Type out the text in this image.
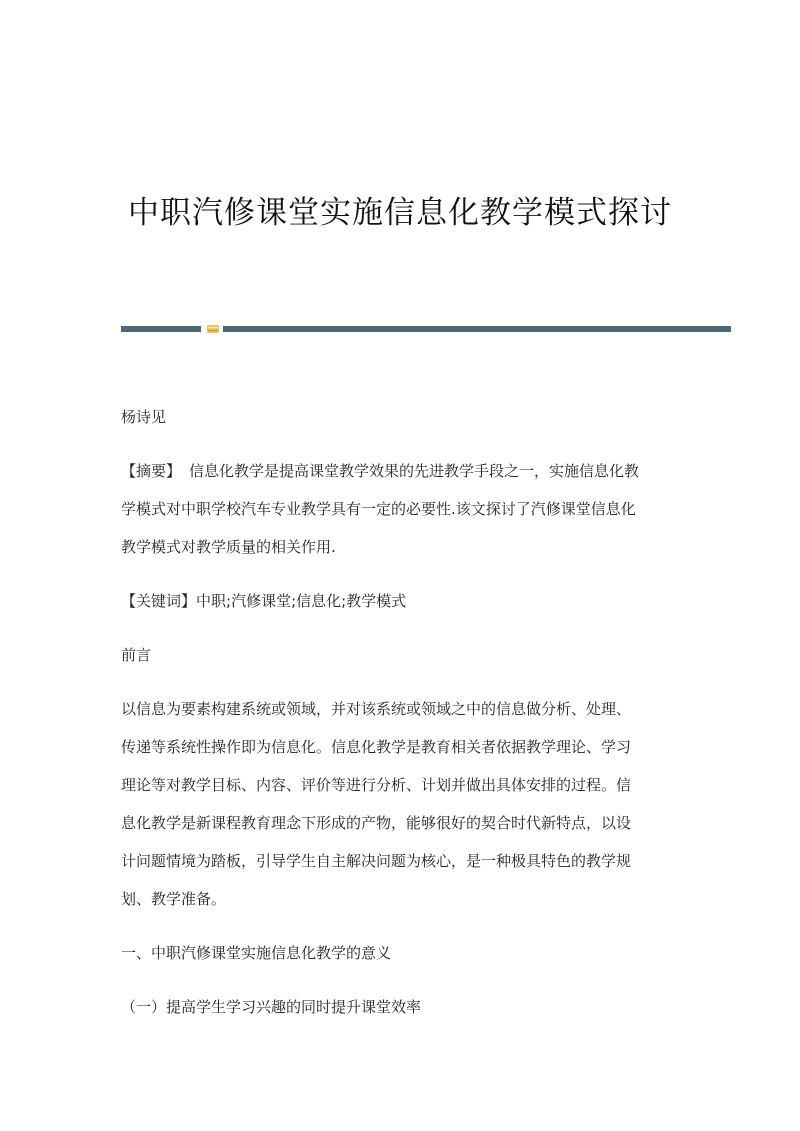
中职汽修课堂实施信息化教学模式探讨
杨诗见
【摘要】 信息化教学是提高课堂教学效果的先进教学手段之一，实施信息化教
学模式对中职学校汽车专业教学具有一定的必要性.该文探讨了汽修课堂信息化
教学模式对教学质量的相关作用.
【关键词】中职;汽修课堂;信息化;教学模式
前言
以信息为要素构建系统或领域，并对该系统或领域之中的信息做分析、处理、
传递等系统性操作即为信息化。信息化教学是教育相关者依据教学理论、学习
理论等对教学目标、内容、评价等进行分析、计划并做出具体安排的过程。信
息化教学是新课程教育理念下形成的产物，能够很好的契合时代新特点，以设
计问题情境为踏板，引导学生自主解决问题为核心，是一种极具特色的教学规
划、教学准备。
一、中职汽修课堂实施信息化教学的意义
（一）提高学生学习兴趣的同时提升课堂效率
